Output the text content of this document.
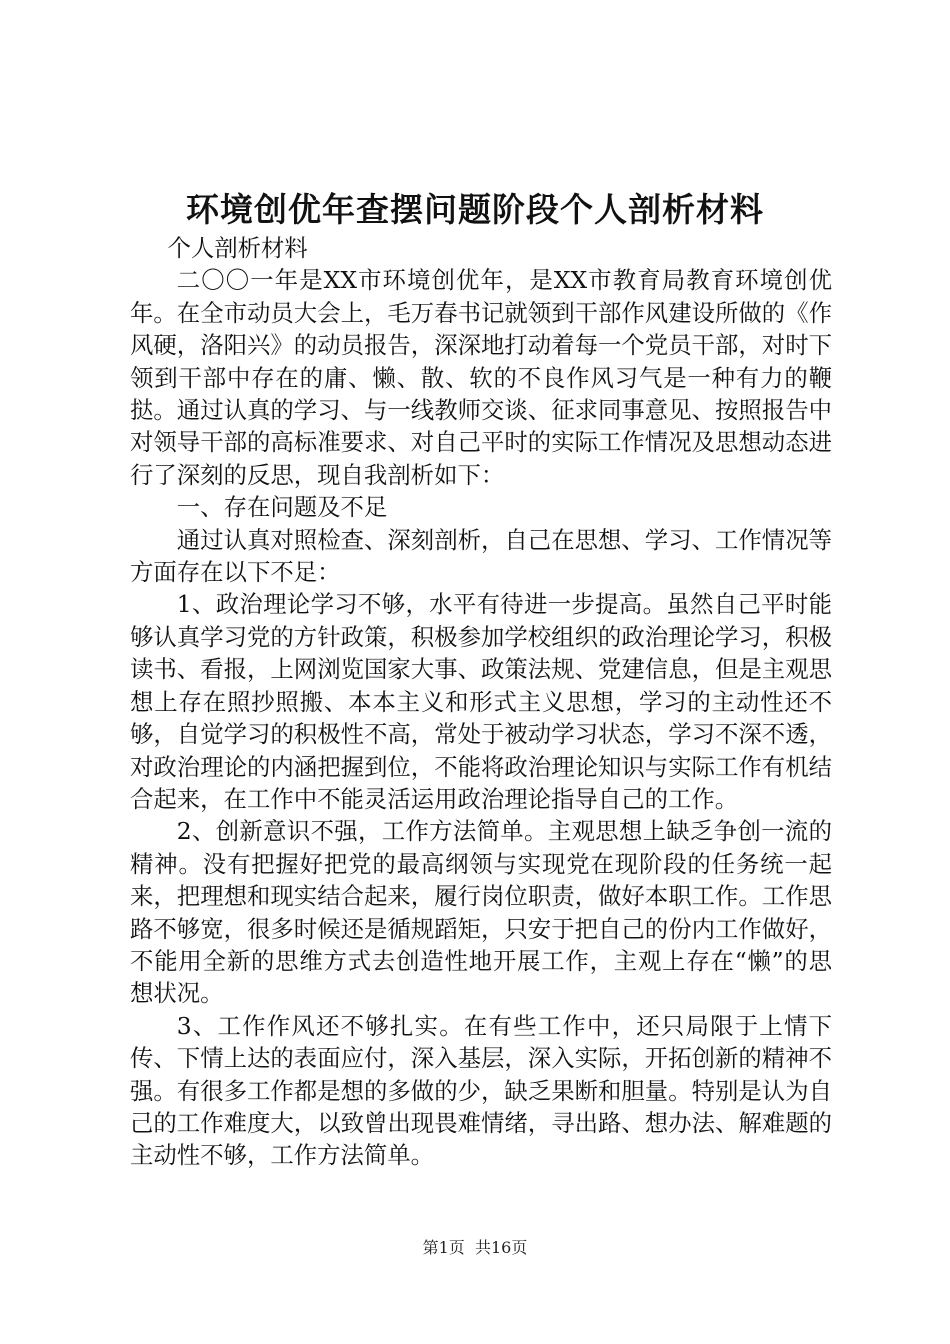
环境创优年查摆问题阶段个人剖析材料

个人剖析材料

二〇〇一年是XX市环境创优年，是XX市教育局教育环境创优年。在全市动员大会上，毛万春书记就领到干部作风建设所做的《作风硬，洛阳兴》的动员报告，深深地打动着每一个党员干部，对时下领到干部中存在的庸、懒、散、软的不良作风习气是一种有力的鞭挞。通过认真的学习、与一线教师交谈、征求同事意见、按照报告中对领导干部的高标准要求、对自己平时的实际工作情况及思想动态进行了深刻的反思，现自我剖析如下：

一、存在问题及不足

通过认真对照检查、深刻剖析，自己在思想、学习、工作情况等方面存在以下不足：

1、政治理论学习不够，水平有待进一步提高。虽然自己平时能够认真学习党的方针政策，积极参加学校组织的政治理论学习，积极读书、看报，上网浏览国家大事、政策法规、党建信息，但是主观思想上存在照抄照搬、本本主义和形式主义思想，学习的主动性还不够，自觉学习的积极性不高，常处于被动学习状态，学习不深不透，对政治理论的内涵把握到位，不能将政治理论知识与实际工作有机结合起来，在工作中不能灵活运用政治理论指导自己的工作。

2、创新意识不强，工作方法简单。主观思想上缺乏争创一流的精神。没有把握好把党的最高纲领与实现党在现阶段的任务统一起来，把理想和现实结合起来，履行岗位职责，做好本职工作。工作思路不够宽，很多时候还是循规蹈矩，只安于把自己的份内工作做好，不能用全新的思维方式去创造性地开展工作，主观上存在“懒”的思想状况。

3、工作作风还不够扎实。在有些工作中，还只局限于上情下传、下情上达的表面应付，深入基层，深入实际，开拓创新的精神不强。有很多工作都是想的多做的少，缺乏果断和胆量。特别是认为自己的工作难度大，以致曾出现畏难情绪，寻出路、想办法、解难题的主动性不够，工作方法简单。

第1页 共16页
